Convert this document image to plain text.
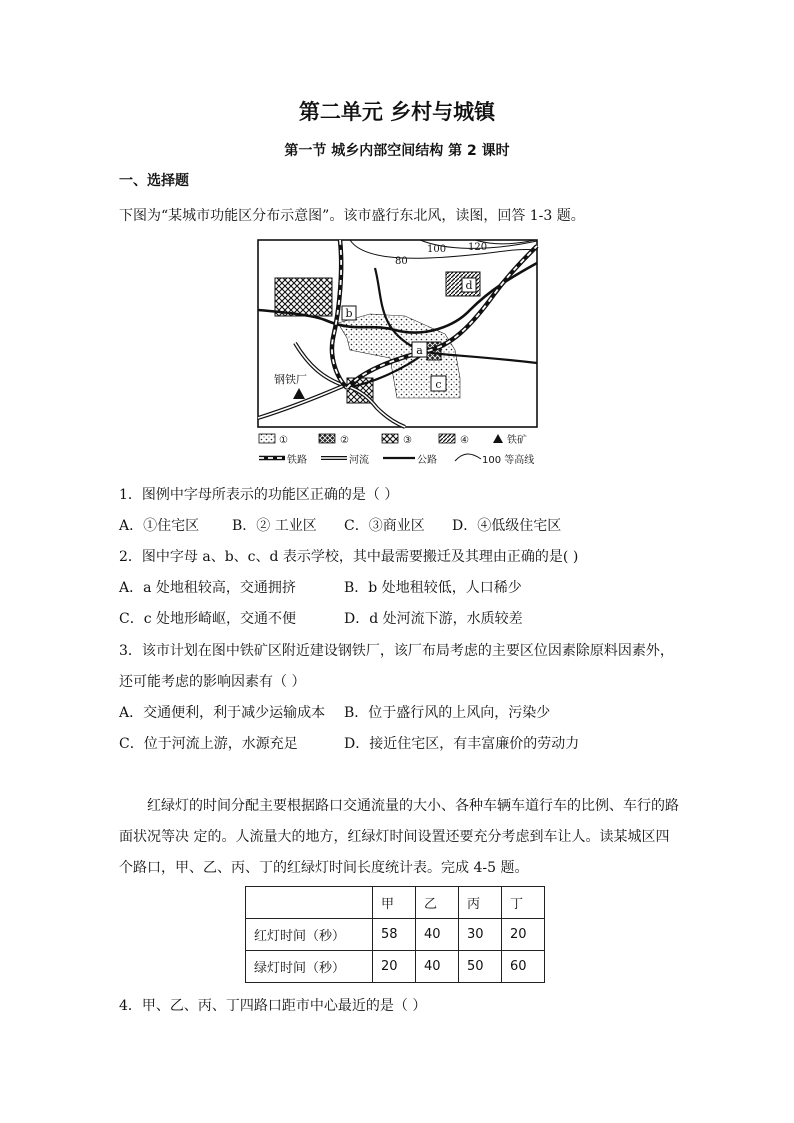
第二单元 乡村与城镇
第一节 城乡内部空间结构 第 2 课时
一、选择题
下图为“某城市功能区分布示意图”。该市盛行东北风，读图，回答 1-3 题。
b
a
c
d
80
100 120
钢铁厂
①	②	③	④	铁矿
铁路	河流	公路	100 等高线
1．图例中字母所表示的功能区正确的是（ ）
A．①住宅区 B．② 工业区 C．③商业区 D．④低级住宅区
2．图中字母 a、b、c、d 表示学校，其中最需要搬迁及其理由正确的是( )
A．a 处地租较高，交通拥挤	B．b 处地租较低，人口稀少
C．c 处地形崎岖，交通不便	D．d 处河流下游，水质较差
3．该市计划在图中铁矿区附近建设钢铁厂，该厂布局考虑的主要区位因素除原料因素外，
还可能考虑的影响因素有（ ）
A．交通便利，利于减少运输成本 B．位于盛行风的上风向，污染少
C．位于河流上游，水源充足	D．接近住宅区，有丰富廉价的劳动力
红绿灯的时间分配主要根据路口交通流量的大小、各种车辆车道行车的比例、车行的路
面状况等决 定的。人流量大的地方，红绿灯时间设置还要充分考虑到车让人。读某城区四
个路口，甲、乙、丙、丁的红绿灯时间长度统计表。完成 4-5 题。
	甲	乙	丙	丁
红灯时间（秒）	58	40	30	20
绿灯时间（秒）	20	40	50	60
4．甲、乙、丙、丁四路口距市中心最近的是（ ）
